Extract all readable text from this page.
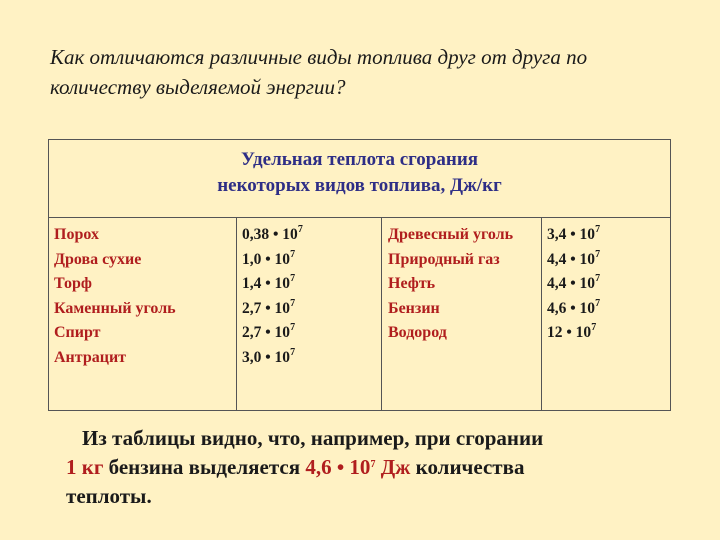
Как отличаются различные виды топлива друг от друга по
количеству выделяемой энергии?
Удельная теплота сгорания
некоторых видов топлива, Дж/кг
Порох
Дрова сухие
Торф
Каменный уголь
Спирт
Антрацит
0,38 • $10^7$
1,0 • $10^7$
1,4 • $10^7$
2,7 • $10^7$
2,7 • $10^7$
3,0 • $10^7$
Древесный уголь
Природный газ
Нефть
Бензин
Водород
3,4 • $10^7$
4,4 • $10^7$
4,4 • $10^7$
4,6 • $10^7$
12 • $10^7$
Из таблицы видно, что, например, при сгорании
1 кг бензина выделяется 4,6 • $10^7$ Дж количества
теплоты.
